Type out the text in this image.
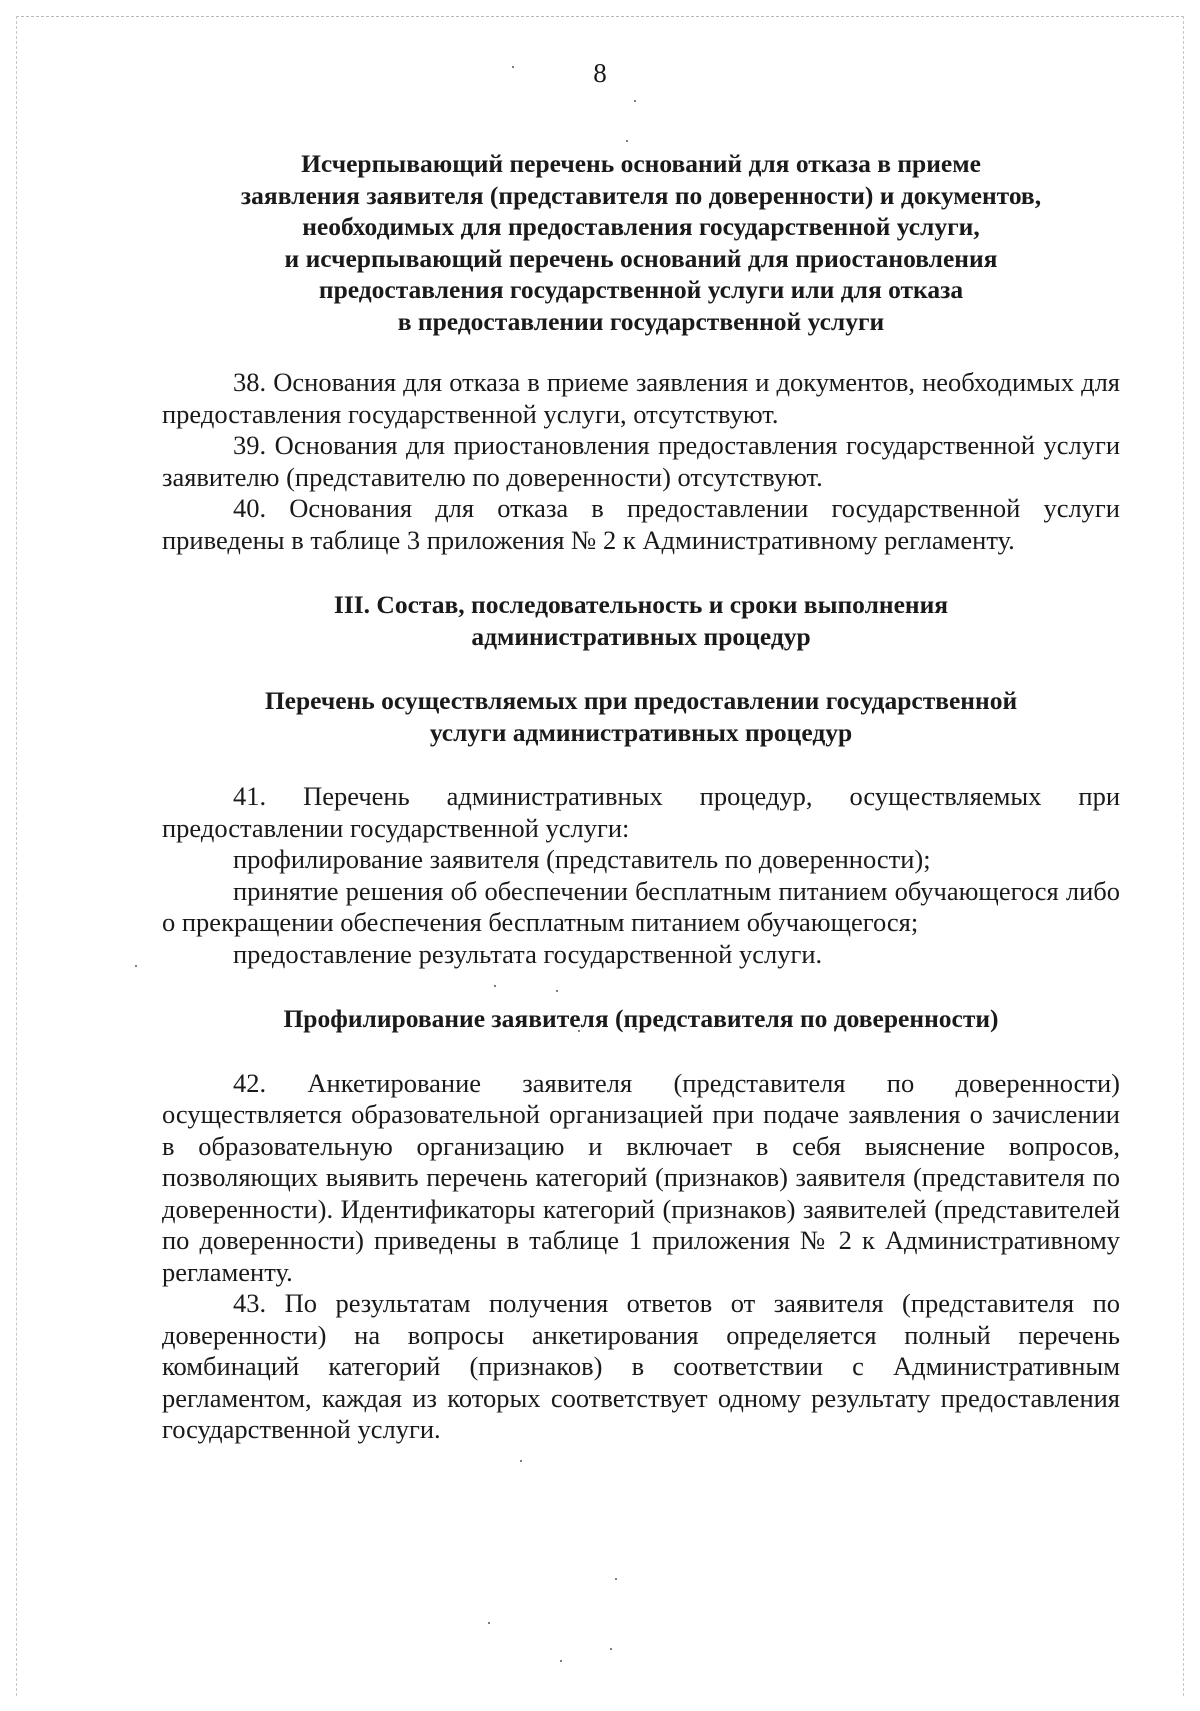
8
Исчерпывающий перечень оснований для отказа в приеме
заявления заявителя (представителя по доверенности) и документов,
необходимых для предоставления государственной услуги,
и исчерпывающий перечень оснований для приостановления
предоставления государственной услуги или для отказа
в предоставлении государственной услуги

38. Основания для отказа в приеме заявления и документов, необходимых для предоставления государственной услуги, отсутствуют.

39. Основания для приостановления предоставления государственной услуги заявителю (представителю по доверенности) отсутствуют.

40. Основания для отказа в предоставлении государственной услуги приведены в таблице 3 приложения № 2 к Административному регламенту.

III. Состав, последовательность и сроки выполнения
административных процедур
Перечень осуществляемых при предоставлении государственной
услуги административных процедур

41. Перечень административных процедур, осуществляемых при предоставлении государственной услуги:

профилирование заявителя (представитель по доверенности);

принятие решения об обеспечении бесплатным питанием обучающегося либо о прекращении обеспечения бесплатным питанием обучающегося;

предоставление результата государственной услуги.

Профилирование заявителя (представителя по доверенности)

42. Анкетирование заявителя (представителя по доверенности) осуществляется образовательной организацией при подаче заявления о зачислении в образовательную организацию и включает в себя выяснение вопросов, позволяющих выявить перечень категорий (признаков) заявителя (представителя по доверенности). Идентификаторы категорий (признаков) заявителей (представителей по доверенности) приведены в таблице 1 приложения № 2 к Административному регламенту.

43. По результатам получения ответов от заявителя (представителя по доверенности) на вопросы анкетирования определяется полный перечень комбинаций категорий (признаков) в соответствии с Административным регламентом, каждая из которых соответствует одному результату предоставления государственной услуги.
